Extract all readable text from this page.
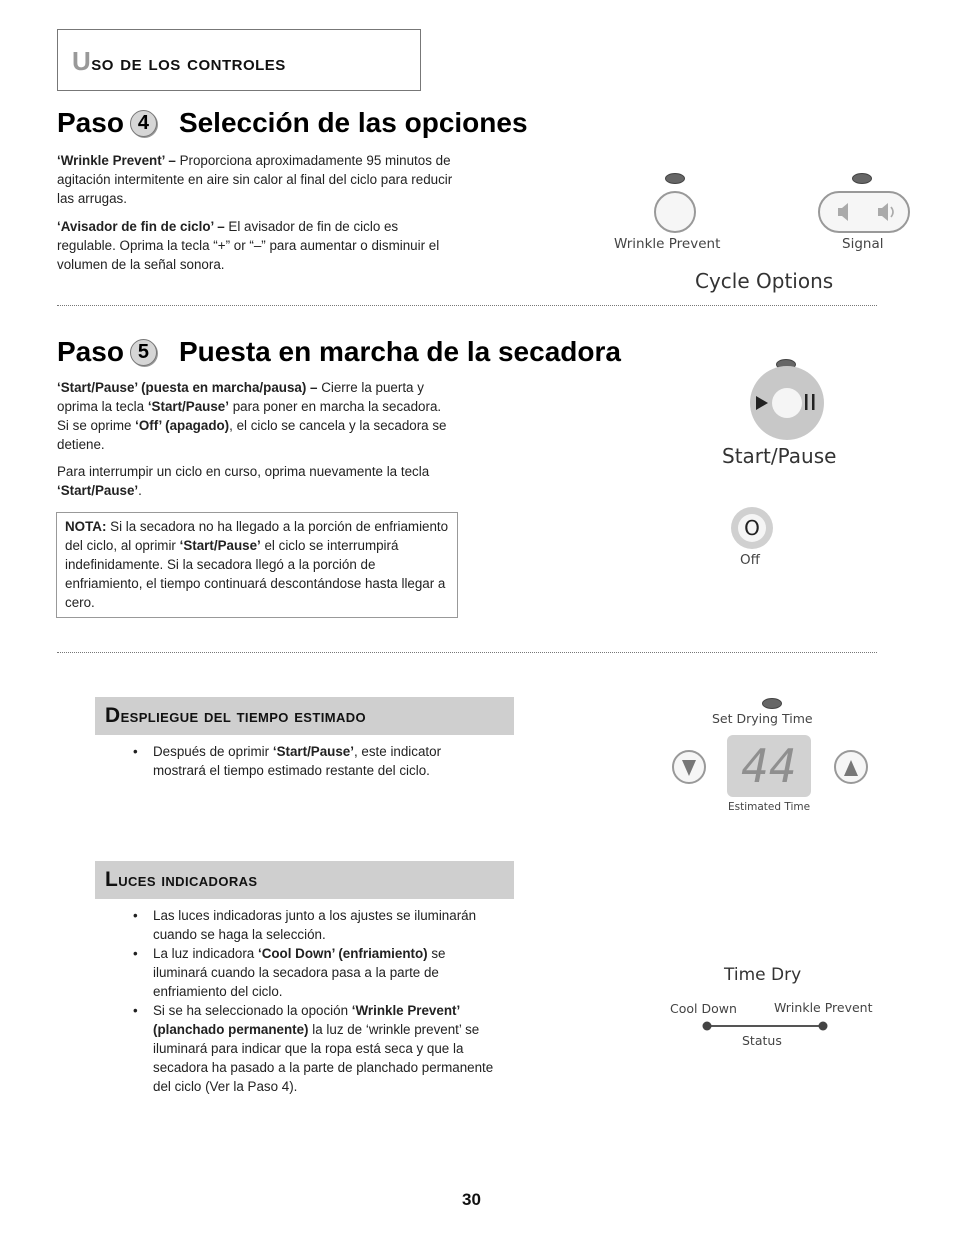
Uso de los controles
Paso 4 Selección de las opciones
‘Wrinkle Prevent’ – Proporciona aproximadamente 95 minutos de agitación intermitente en aire sin calor al final del ciclo para reducir las arrugas.
‘Avisador de fin de ciclo’ – El avisador de fin de ciclo es regulable. Oprima la tecla “+” or “–” para aumentar o disminuir el volumen de la señal sonora.
Wrinkle Prevent	Signal
Cycle Options
Paso 5 Puesta en marcha de la secadora
‘Start/Pause’ (puesta en marcha/pausa) – Cierre la puerta y oprima la tecla ‘Start/Pause’ para poner en marcha la secadora. Si se oprime ‘Off’ (apagado), el ciclo se cancela y la secadora se detiene.
Para interrumpir un ciclo en curso, oprima nuevamente la tecla ‘Start/Pause’.
NOTA: Si la secadora no ha llegado a la porción de enfriamiento del ciclo, al oprimir ‘Start/Pause’ el ciclo se interrumpirá indefinidamente. Si la secadora llegó a la porción de enfriamiento, el tiempo continuará descontándose hasta llegar a cero.
Start/Pause
O
Off
Despliegue del tiempo estimado
• Después de oprimir ‘Start/Pause’, este indicator mostrará el tiempo estimado restante del ciclo.
Set Drying Time
44
Estimated Time
Luces indicadoras
• Las luces indicadoras junto a los ajustes se iluminarán cuando se haga la selección.
• La luz indicadora ‘Cool Down’ (enfriamiento) se iluminará cuando la secadora pasa a la parte de enfriamiento del ciclo.
• Si se ha seleccionado la opoción ‘Wrinkle Prevent’ (planchado permanente) la luz de ‘wrinkle prevent’ se iluminará para indicar que la ropa está seca y que la secadora ha pasado a la parte de planchado permanente del ciclo (Ver la Paso 4).
Time Dry
Cool Down	Wrinkle Prevent
Status
30
